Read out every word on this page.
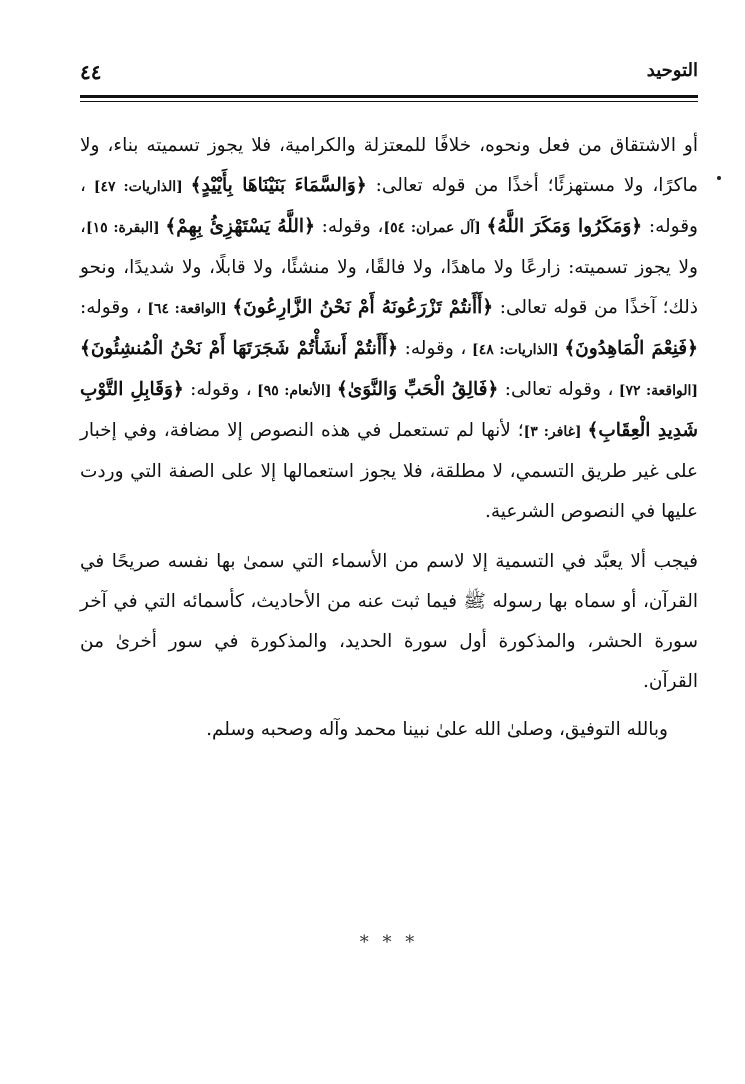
٤٤	التوحيد

أو الاشتقاق من فعل ونحوه، خلافًا للمعتزلة والكرامية، فلا يجوز تسميته بناء، ولا ماكرًا، ولا مستهزئًا؛ أخذًا من قوله تعالى: ﴿وَالسَّمَاءَ بَنَيْنَاهَا بِأَيْيْدٍ﴾ [الذاريات: ٤٧] ، وقوله: ﴿وَمَكَرُوا وَمَكَرَ اللَّهُ﴾ [آل عمران: ٥٤]، وقوله: ﴿اللَّهُ يَسْتَهْزِئُ بِهِمْ﴾ [البقرة: ١٥]، ولا يجوز تسميته: زارعًا ولا ماهدًا، ولا فالقًا، ولا منشئًا، ولا قابلًا، ولا شديدًا، ونحو ذلك؛ آخذًا من قوله تعالى: ﴿أَأَنتُمْ تَزْرَعُونَهُ أَمْ نَحْنُ الزَّارِعُونَ﴾ [الواقعة: ٦٤] ، وقوله: ﴿فَنِعْمَ الْمَاهِدُونَ﴾ [الذاريات: ٤٨] ، وقوله: ﴿أَأَنتُمْ أَنشَأْتُمْ شَجَرَتَهَا أَمْ نَحْنُ الْمُنشِئُونَ﴾ [الواقعة: ٧٢] ، وقوله تعالى: ﴿فَالِقُ الْحَبِّ وَالنَّوَىٰ﴾ [الأنعام: ٩٥] ، وقوله: ﴿وَقَابِلِ التَّوْبِ شَدِيدِ الْعِقَابِ﴾ [غافر: ٣]؛ لأنها لم تستعمل في هذه النصوص إلا مضافة، وفي إخبار على غير طريق التسمي، لا مطلقة، فلا يجوز استعمالها إلا على الصفة التي وردت عليها في النصوص الشرعية.

فيجب ألا يعبَّد في التسمية إلا لاسم من الأسماء التي سمىٰ بها نفسه صريحًا في القرآن، أو سماه بها رسوله ﷺ فيما ثبت عنه من الأحاديث، كأسمائه التي في آخر سورة الحشر، والمذكورة أول سورة الحديد، والمذكورة في سور أخرىٰ من القرآن.

وبالله التوفيق، وصلىٰ الله علىٰ نبينا محمد وآله وصحبه وسلم.

* * *
